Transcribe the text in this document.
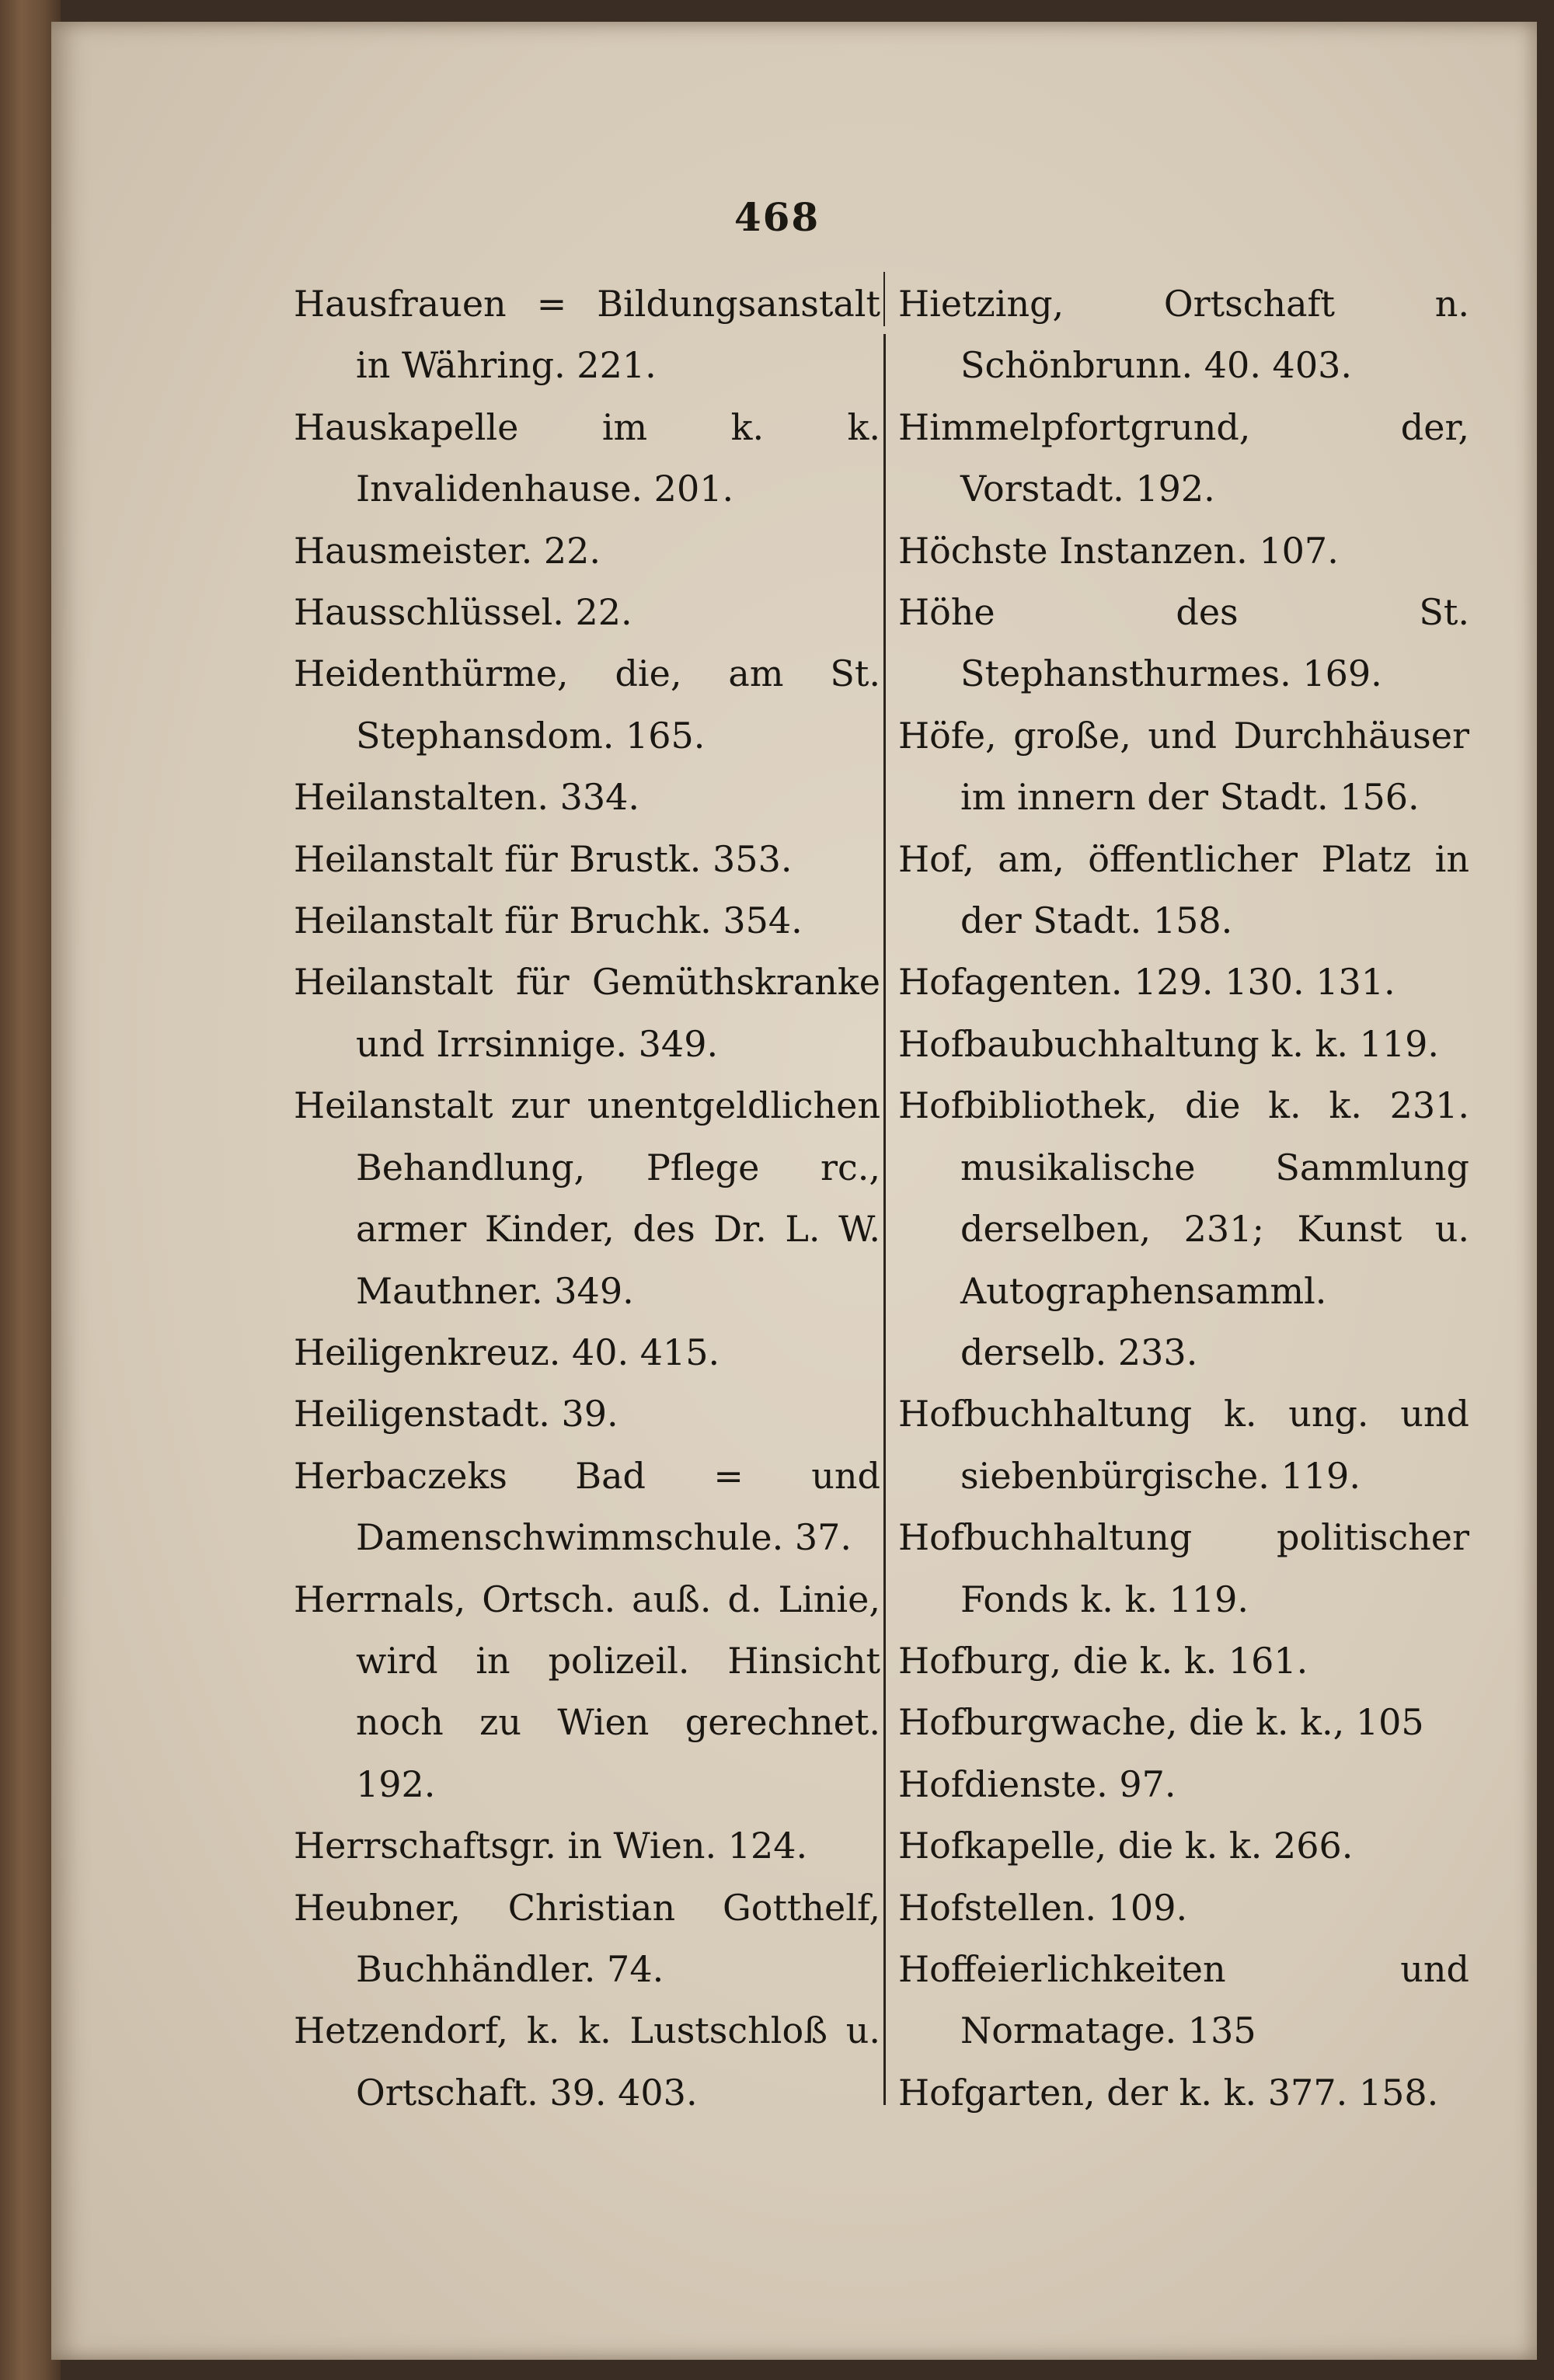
468
Hausfrauen = Bildungsanstalt in Währing. 221.
Hauskapelle im k. k. Invalidenhause. 201.
Hausmeister. 22.
Hausschlüssel. 22.
Heidenthürme, die, am St. Stephansdom. 165.
Heilanstalten. 334.
Heilanstalt für Brustk. 353.
Heilanstalt für Bruchk. 354.
Heilanstalt für Gemüthskranke und Irrsinnige. 349.
Heilanstalt zur unentgeldlichen Behandlung, Pflege rc., armer Kinder, des Dr. L. W. Mauthner. 349.
Heiligenkreuz. 40. 415.
Heiligenstadt. 39.
Herbaczeks Bad = und Damenschwimmschule. 37.
Herrnals, Ortsch. auß. d. Linie, wird in polizeil. Hinsicht noch zu Wien gerechnet. 192.
Herrschaftsgr. in Wien. 124.
Heubner, Christian Gotthelf, Buchhändler. 74.
Hetzendorf, k. k. Lustschloß u. Ortschaft. 39. 403.
Hietzing, Ortschaft n. Schönbrunn. 40. 403.
Himmelpfortgrund, der, Vorstadt. 192.
Höchste Instanzen. 107.
Höhe des St. Stephansthurmes. 169.
Höfe, große, und Durchhäuser im innern der Stadt. 156.
Hof, am, öffentlicher Platz in der Stadt. 158.
Hofagenten. 129. 130. 131.
Hofbaubuchhaltung k. k. 119.
Hofbibliothek, die k. k. 231. musikalische Sammlung derselben, 231; Kunst u. Autographensamml. derselb. 233.
Hofbuchhaltung k. ung. und siebenbürgische. 119.
Hofbuchhaltung politischer Fonds k. k. 119.
Hofburg, die k. k. 161.
Hofburgwache, die k. k., 105
Hofdienste. 97.
Hofkapelle, die k. k. 266.
Hofstellen. 109.
Hoffeierlichkeiten und Normatage. 135
Hofgarten, der k. k. 377. 158.
